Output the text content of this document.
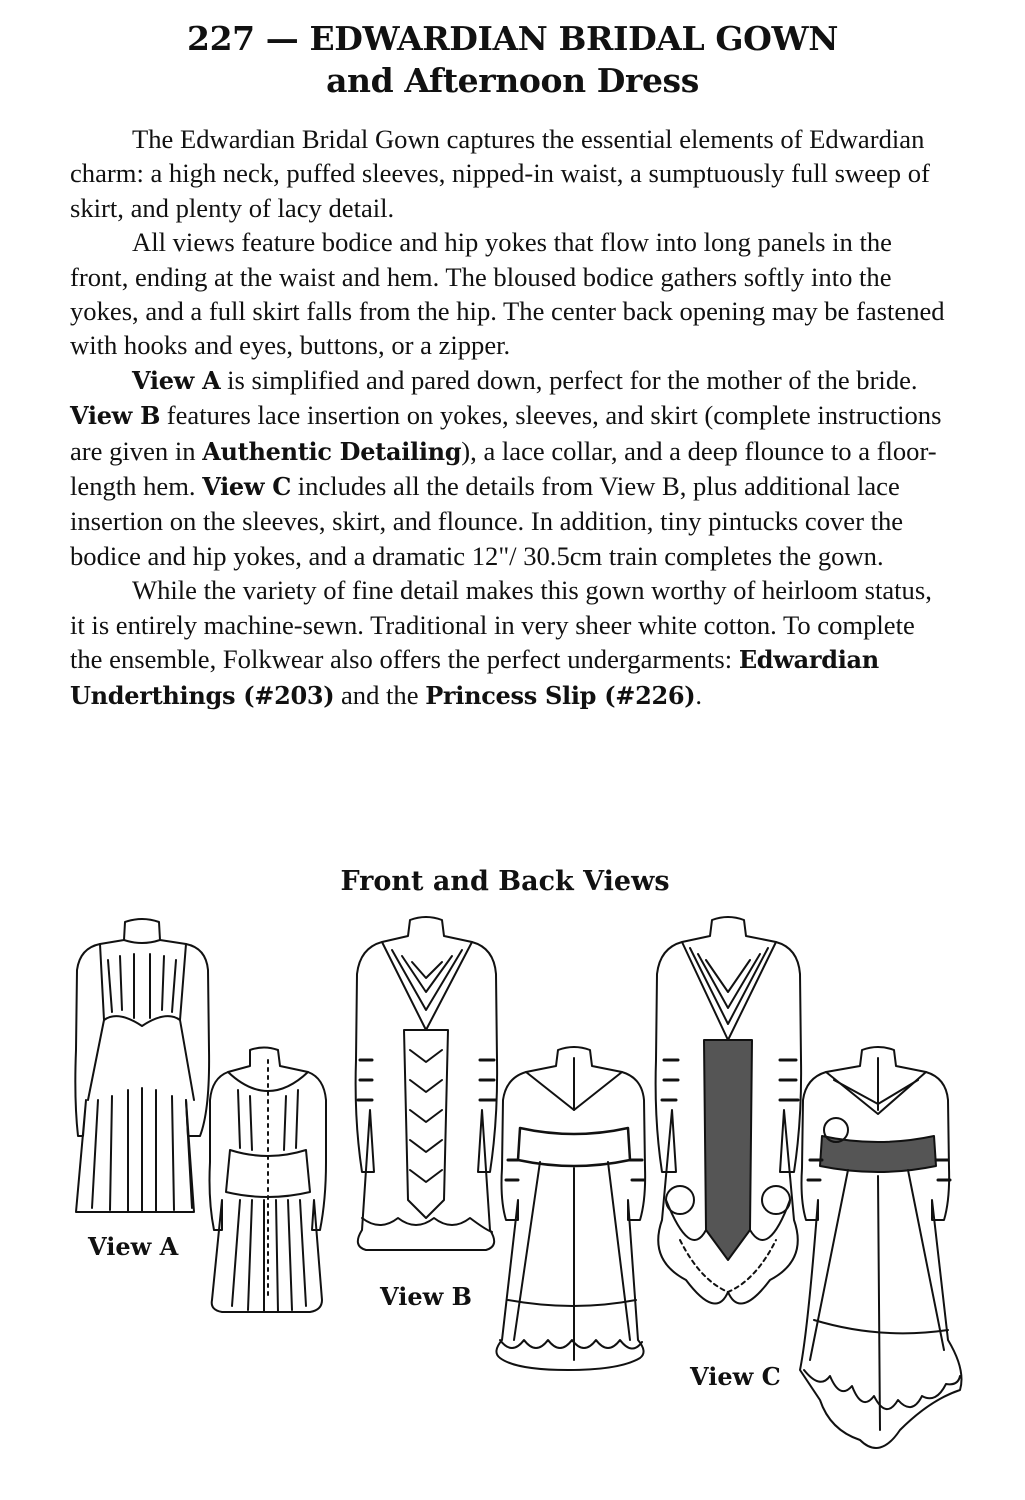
227 — EDWARDIAN BRIDAL GOWN
and Afternoon Dress

The Edwardian Bridal Gown captures the essential elements of Edwardian charm: a high neck, puffed sleeves, nipped-in waist, a sumptuously full sweep of skirt, and plenty of lacy detail.

All views feature bodice and hip yokes that flow into long panels in the front, ending at the waist and hem. The bloused bodice gathers softly into the yokes, and a full skirt falls from the hip. The center back opening may be fastened with hooks and eyes, buttons, or a zipper.

View A is simplified and pared down, perfect for the mother of the bride. View B features lace insertion on yokes, sleeves, and skirt (complete instructions are given in Authentic Detailing), a lace collar, and a deep flounce to a floor-length hem. View C includes all the details from View B, plus additional lace insertion on the sleeves, skirt, and flounce. In addition, tiny pintucks cover the bodice and hip yokes, and a dramatic 12"/ 30.5cm train completes the gown.

While the variety of fine detail makes this gown worthy of heirloom status, it is entirely machine-sewn. Traditional in very sheer white cotton. To complete the ensemble, Folkwear also offers the perfect undergarments: Edwardian Underthings (#203) and the Princess Slip (#226).

Front and Back Views
View A
View B
View C
